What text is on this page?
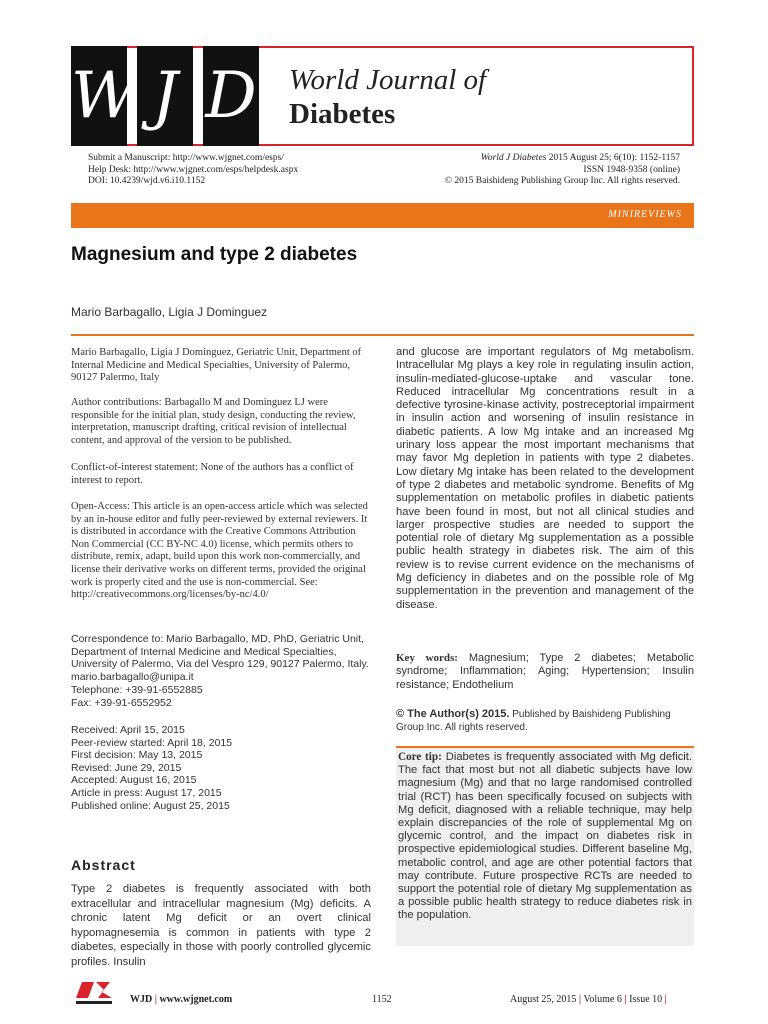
W J D World Journal of
Diabetes
Submit a Manuscript: http://www.wjgnet.com/esps/
Help Desk: http://www.wjgnet.com/esps/helpdesk.aspx
DOI: 10.4239/wjd.v6.i10.1152
World J Diabetes 2015 August 25; 6(10): 1152-1157
ISSN 1948-9358 (online)
© 2015 Baishideng Publishing Group Inc. All rights reserved.
MINIREVIEWS
Magnesium and type 2 diabetes
Mario Barbagallo, Ligia J Dominguez
Mario Barbagallo, Ligia J Dominguez, Geriatric Unit, Department of Internal Medicine and Medical Specialties, University of Palermo, 90127 Palermo, Italy
Author contributions: Barbagallo M and Dominguez LJ were responsible for the initial plan, study design, conducting the review, interpretation, manuscript drafting, critical revision of intellectual content, and approval of the version to be published.
Conflict-of-interest statement: None of the authors has a conflict of interest to report.
Open-Access: This article is an open-access article which was selected by an in-house editor and fully peer-reviewed by external reviewers. It is distributed in accordance with the Creative Commons Attribution Non Commercial (CC BY-NC 4.0) license, which permits others to distribute, remix, adapt, build upon this work non-commercially, and license their derivative works on different terms, provided the original work is properly cited and the use is non-commercial. See: http://creativecommons.org/licenses/by-nc/4.0/
Correspondence to: Mario Barbagallo, MD, PhD, Geriatric Unit, Department of Internal Medicine and Medical Specialties, University of Palermo, Via del Vespro 129, 90127 Palermo, Italy. mario.barbagallo@unipa.it
Telephone: +39-91-6552885
Fax: +39-91-6552952
Received: April 15, 2015
Peer-review started: April 18, 2015
First decision: May 13, 2015
Revised: June 29, 2015
Accepted: August 16, 2015
Article in press: August 17, 2015
Published online: August 25, 2015
Abstract
Type 2 diabetes is frequently associated with both extracellular and intracellular magnesium (Mg) deficits. A chronic latent Mg deficit or an overt clinical hypomagnesemia is common in patients with type 2 diabetes, especially in those with poorly controlled glycemic profiles. Insulin
and glucose are important regulators of Mg metabolism. Intracellular Mg plays a key role in regulating insulin action, insulin-mediated-glucose-uptake and vascular tone. Reduced intracellular Mg concentrations result in a defective tyrosine-kinase activity, postreceptorial impairment in insulin action and worsening of insulin resistance in diabetic patients. A low Mg intake and an increased Mg urinary loss appear the most important mechanisms that may favor Mg depletion in patients with type 2 diabetes. Low dietary Mg intake has been related to the development of type 2 diabetes and metabolic syndrome. Benefits of Mg supplementation on metabolic profiles in diabetic patients have been found in most, but not all clinical studies and larger prospective studies are needed to support the potential role of dietary Mg supplementation as a possible public health strategy in diabetes risk. The aim of this review is to revise current evidence on the mechanisms of Mg deficiency in diabetes and on the possible role of Mg supplementation in the prevention and management of the disease.
Key words: Magnesium; Type 2 diabetes; Metabolic syndrome; Inflammation; Aging; Hypertension; Insulin resistance; Endothelium
© The Author(s) 2015. Published by Baishideng Publishing Group Inc. All rights reserved.
Core tip: Diabetes is frequently associated with Mg deficit. The fact that most but not all diabetic subjects have low magnesium (Mg) and that no large randomised controlled trial (RCT) has been specifically focused on subjects with Mg deficit, diagnosed with a reliable technique, may help explain discrepancies of the role of supplemental Mg on glycemic control, and the impact on diabetes risk in prospective epidemiological studies. Different baseline Mg, metabolic control, and age are other potential factors that may contribute. Future prospective RCTs are needed to support the potential role of dietary Mg supplementation as a possible public health strategy to reduce diabetes risk in the population.
WJD | www.wjgnet.com	1152	August 25, 2015 | Volume 6 | Issue 10 |
